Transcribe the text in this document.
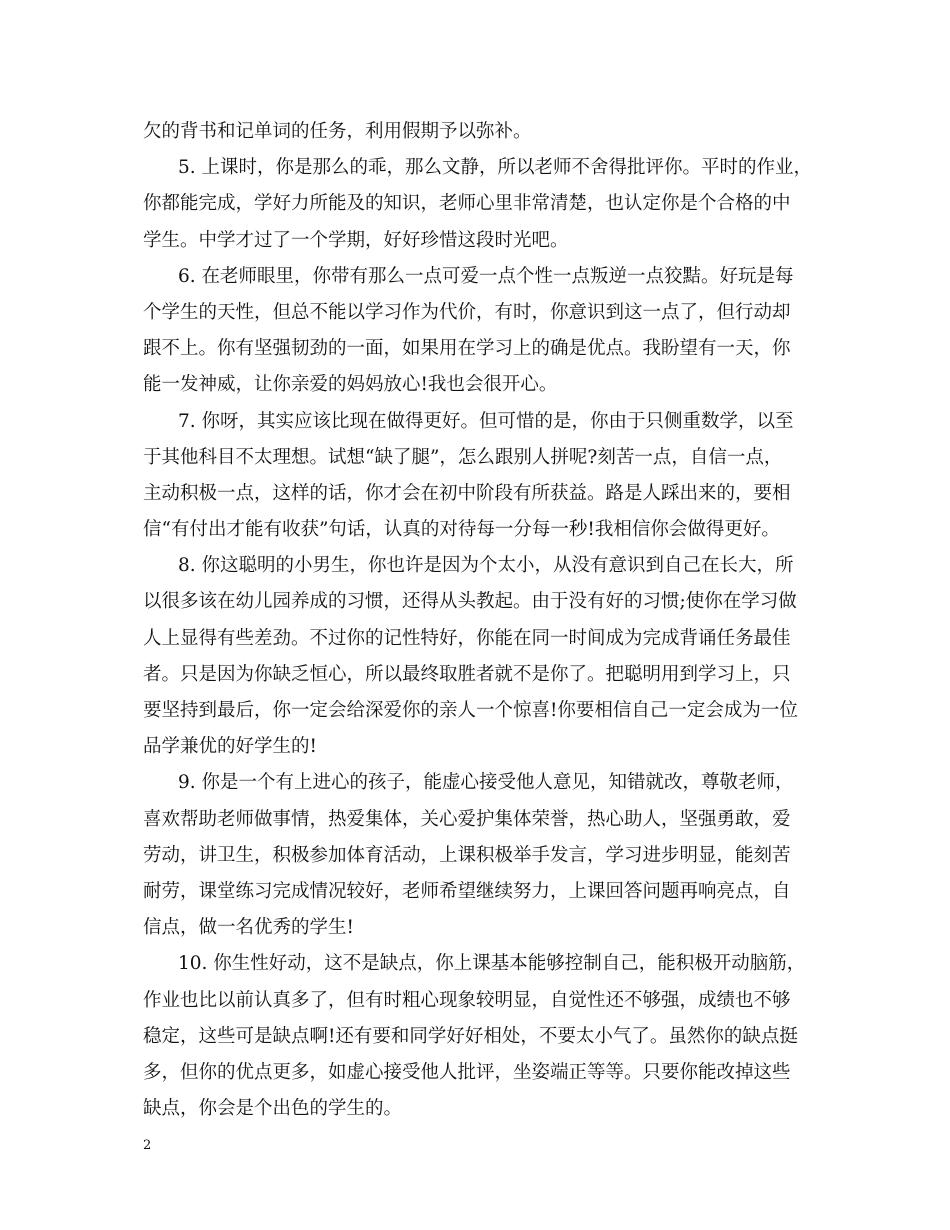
欠的背书和记单词的任务，利用假期予以弥补。
5. 上课时，你是那么的乖，那么文静，所以老师不舍得批评你。平时的作业，
你都能完成，学好力所能及的知识，老师心里非常清楚，也认定你是个合格的中
学生。中学才过了一个学期，好好珍惜这段时光吧。
6. 在老师眼里，你带有那么一点可爱一点个性一点叛逆一点狡黠。好玩是每
个学生的天性，但总不能以学习作为代价，有时，你意识到这一点了，但行动却
跟不上。你有坚强韧劲的一面，如果用在学习上的确是优点。我盼望有一天，你
能一发神威，让你亲爱的妈妈放心!我也会很开心。
7. 你呀，其实应该比现在做得更好。但可惜的是，你由于只侧重数学，以至
于其他科目不太理想。试想“缺了腿”，怎么跟别人拼呢?刻苦一点，自信一点，
主动积极一点，这样的话，你才会在初中阶段有所获益。路是人踩出来的，要相
信“有付出才能有收获”句话，认真的对待每一分每一秒!我相信你会做得更好。
8. 你这聪明的小男生，你也许是因为个太小，从没有意识到自己在长大，所
以很多该在幼儿园养成的习惯，还得从头教起。由于没有好的习惯;使你在学习做
人上显得有些差劲。不过你的记性特好，你能在同一时间成为完成背诵任务最佳
者。只是因为你缺乏恒心，所以最终取胜者就不是你了。把聪明用到学习上，只
要坚持到最后，你一定会给深爱你的亲人一个惊喜!你要相信自己一定会成为一位
品学兼优的好学生的!
9. 你是一个有上进心的孩子，能虚心接受他人意见，知错就改，尊敬老师，
喜欢帮助老师做事情，热爱集体，关心爱护集体荣誉，热心助人，坚强勇敢，爱
劳动，讲卫生，积极参加体育活动，上课积极举手发言，学习进步明显，能刻苦
耐劳，课堂练习完成情况较好，老师希望继续努力，上课回答问题再响亮点，自
信点，做一名优秀的学生!
10. 你生性好动，这不是缺点，你上课基本能够控制自己，能积极开动脑筋，
作业也比以前认真多了，但有时粗心现象较明显，自觉性还不够强，成绩也不够
稳定，这些可是缺点啊!还有要和同学好好相处，不要太小气了。虽然你的缺点挺
多，但你的优点更多，如虚心接受他人批评，坐姿端正等等。只要你能改掉这些
缺点，你会是个出色的学生的。
2
